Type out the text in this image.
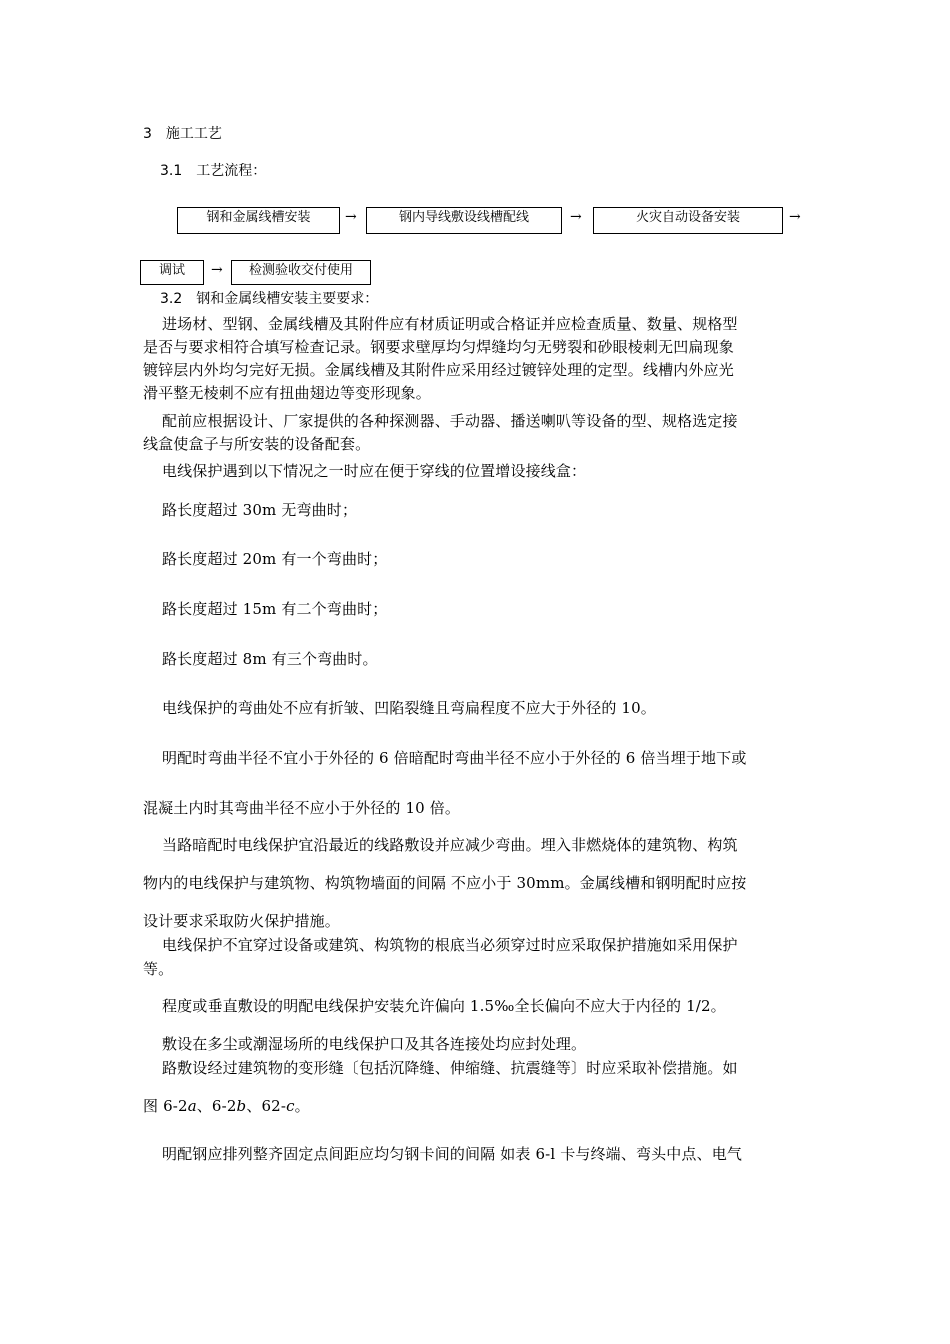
3　施工工艺
3.1　工艺流程：
钢和金属线槽安装	→	钢内导线敷设线槽配线	→	火灾自动设备安装	→
调试	→	检测验收交付使用
3.2　钢和金属线槽安装主要要求：
进场材、型钢、金属线槽及其附件应有材质证明或合格证并应检查质量、数量、规格型
是否与要求相符合填写检查记录。钢要求壁厚均匀焊缝均匀无劈裂和砂眼棱刺无凹扁现象
镀锌层内外均匀完好无损。金属线槽及其附件应采用经过镀锌处理的定型。线槽内外应光
滑平整无棱刺不应有扭曲翅边等变形现象。
配前应根据设计、厂家提供的各种探测器、手动器、播送喇叭等设备的型、规格选定接
线盒使盒子与所安装的设备配套。
电线保护遇到以下情况之一时应在便于穿线的位置增设接线盒：
路长度超过 30m 无弯曲时；
路长度超过 20m 有一个弯曲时；
路长度超过 15m 有二个弯曲时；
路长度超过 8m 有三个弯曲时。
电线保护的弯曲处不应有折皱、凹陷裂缝且弯扁程度不应大于外径的 10。
明配时弯曲半径不宜小于外径的 6 倍暗配时弯曲半径不应小于外径的 6 倍当埋于地下或
混凝土内时其弯曲半径不应小于外径的 10 倍。
当路暗配时电线保护宜沿最近的线路敷设并应减少弯曲。埋入非燃烧体的建筑物、构筑
物内的电线保护与建筑物、构筑物墙面的间隔 不应小于 30mm。金属线槽和钢明配时应按
设计要求采取防火保护措施。
电线保护不宜穿过设备或建筑、构筑物的根底当必须穿过时应采取保护措施如采用保护
等。
程度或垂直敷设的明配电线保护安装允许偏向 1.5‰全长偏向不应大于内径的 1/2。
敷设在多尘或潮湿场所的电线保护口及其各连接处均应封处理。
路敷设经过建筑物的变形缝〔包括沉降缝、伸缩缝、抗震缝等〕时应采取补偿措施。如
图 6-2a、6-2b、62-c。
明配钢应排列整齐固定点间距应均匀钢卡间的间隔 如表 6-l 卡与终端、弯头中点、电气
